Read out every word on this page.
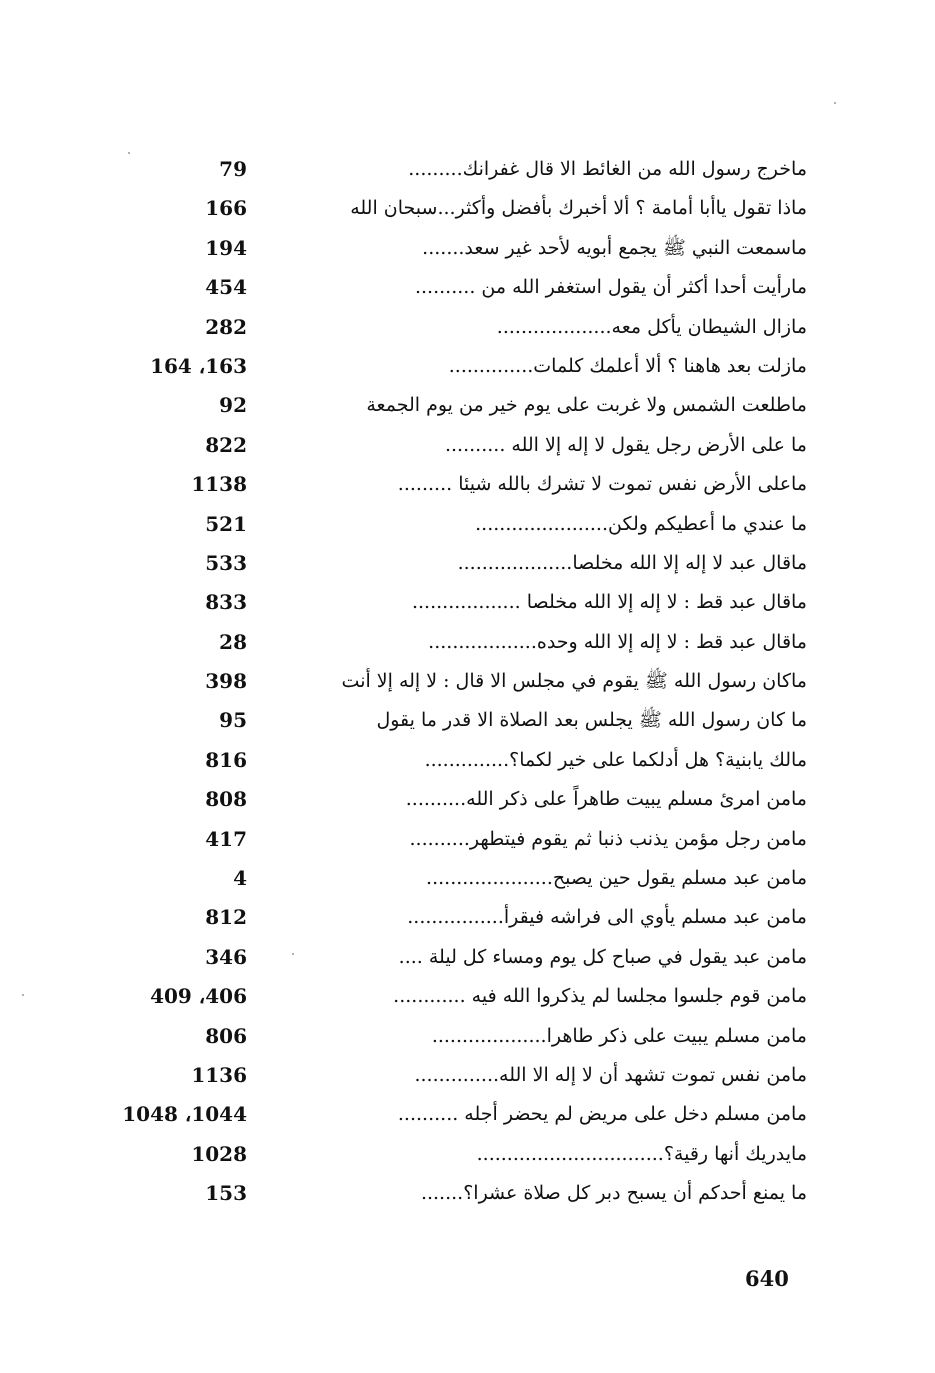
ماخرج رسول الله من الغائط الا قال غفرانك.........
79
ماذا تقول ياأبا أمامة ؟ ألا أخبرك بأفضل وأكثر...سبحان الله
166
ماسمعت النبي ﷺ يجمع أبويه لأحد غير سعد.......
194
مارأيت أحدا أكثر أن يقول استغفر الله من ..........
454
مازال الشيطان يأكل معه...................
282
مازلت بعد هاهنا ؟ ألا أعلمك كلمات..............
164 ،163
ماطلعت الشمس ولا غربت على يوم خير من يوم الجمعة
92
ما على الأرض رجل يقول لا إله إلا الله ..........
822
ماعلى الأرض نفس تموت لا تشرك بالله شيئا .........
1138
ما عندي ما أعطيكم ولكن......................
521
ماقال عبد لا إله إلا الله مخلصا...................
533
ماقال عبد قط : لا إله إلا الله مخلصا ..................
833
ماقال عبد قط : لا إله إلا الله وحده..................
28
ماكان رسول الله ﷺ يقوم في مجلس الا قال : لا إله إلا أنت
398
ما كان رسول الله ﷺ يجلس بعد الصلاة الا قدر ما يقول
95
مالك يابنية؟ هل أدلكما على خير لكما؟..............
816
مامن امرئ مسلم يبيت طاهراً على ذكر الله..........
808
مامن رجل مؤمن يذنب ذنبا ثم يقوم فيتطهر..........
417
مامن عبد مسلم يقول حين يصبح.....................
4
مامن عبد مسلم يأوي الى فراشه فيقرأ................
812
مامن عبد يقول في صباح كل يوم ومساء كل ليلة ....
346
مامن قوم جلسوا مجلسا لم يذكروا الله فيه ............
409 ،406
مامن مسلم يبيت على ذكر طاهرا...................
806
مامن نفس تموت تشهد أن لا إله الا الله..............
1136
مامن مسلم دخل على مريض لم يحضر أجله ..........
1048 ،1044
مايدريك أنها رقية؟...............................
1028
ما يمنع أحدكم أن يسبح دبر كل صلاة عشرا؟.......
153
640
